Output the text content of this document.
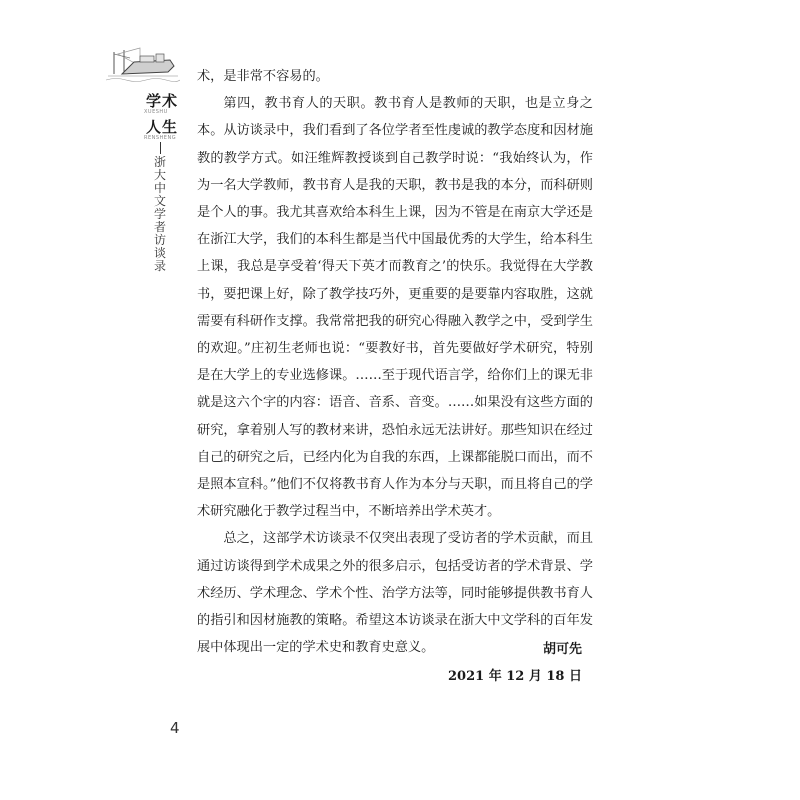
学术
XUESHU
人生
RENSHENG
浙大中文学者访谈录

术，是非常不容易的。

第四，教书育人的天职。教书育人是教师的天职，也是立身之本。从访谈录中，我们看到了各位学者至性虔诚的教学态度和因材施教的教学方式。如汪维辉教授谈到自己教学时说：“我始终认为，作为一名大学教师，教书育人是我的天职，教书是我的本分，而科研则是个人的事。我尤其喜欢给本科生上课，因为不管是在南京大学还是在浙江大学，我们的本科生都是当代中国最优秀的大学生，给本科生上课，我总是享受着‘得天下英才而教育之’的快乐。我觉得在大学教书，要把课上好，除了教学技巧外，更重要的是要靠内容取胜，这就需要有科研作支撑。我常常把我的研究心得融入教学之中，受到学生的欢迎。”庄初生老师也说：“要教好书，首先要做好学术研究，特别是在大学上的专业选修课。……至于现代语言学，给你们上的课无非就是这六个字的内容：语音、音系、音变。……如果没有这些方面的研究，拿着别人写的教材来讲，恐怕永远无法讲好。那些知识在经过自己的研究之后，已经内化为自我的东西，上课都能脱口而出，而不是照本宣科。”他们不仅将教书育人作为本分与天职，而且将自己的学术研究融化于教学过程当中，不断培养出学术英才。

总之，这部学术访谈录不仅突出表现了受访者的学术贡献，而且通过访谈得到学术成果之外的很多启示，包括受访者的学术背景、学术经历、学术理念、学术个性、治学方法等，同时能够提供教书育人的指引和因材施教的策略。希望这本访谈录在浙大中文学科的百年发展中体现出一定的学术史和教育史意义。	胡可先
2021 年 12 月 18 日
4
